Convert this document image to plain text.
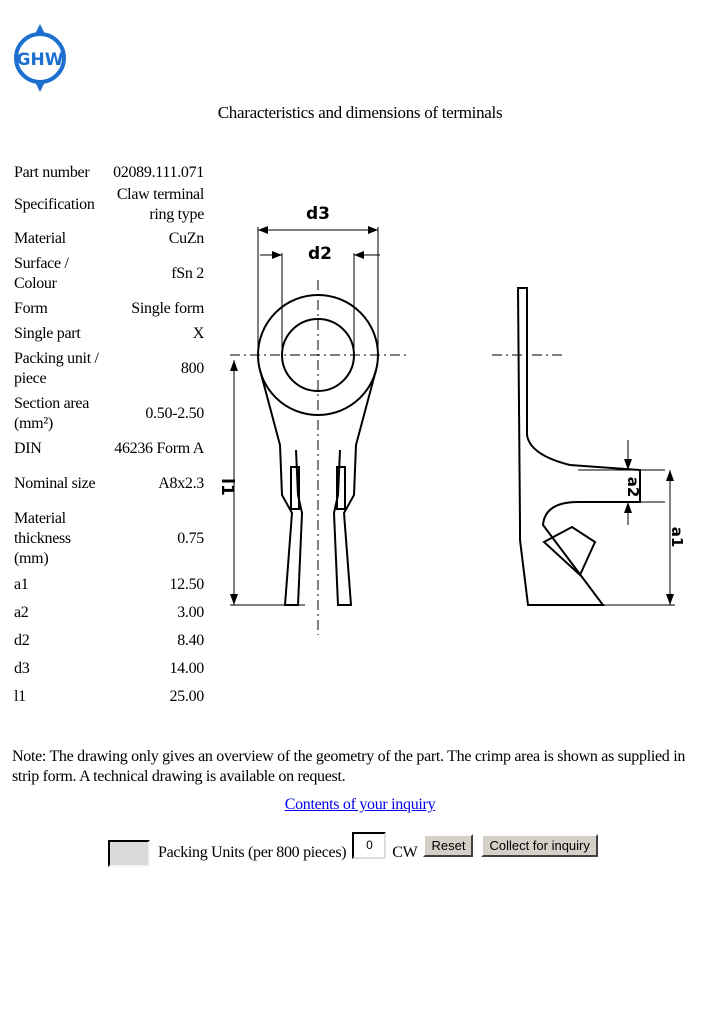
GHW
Characteristics and dimensions of terminals
Part number	02089.111.071
Specification	Claw terminal ring type
Material	CuZn
Surface / Colour	fSn 2
Form	Single form
Single part	X
Packing unit / piece	800
Section area (mm²)	0.50-2.50
DIN	46236 Form A
Nominal size	A8x2.3
Material thickness (mm)	0.75
a1	12.50
a2	3.00
d2	8.40
d3	14.00
l1	25.00
d3
d2
l1	a2
a1
Note: The drawing only gives an overview of the geometry of the part. The crimp area is shown as supplied in strip form. A technical drawing is available on request.
Contents of your inquiry
Packing Units (per 800 pieces)	0	CW	Reset	Collect for inquiry
